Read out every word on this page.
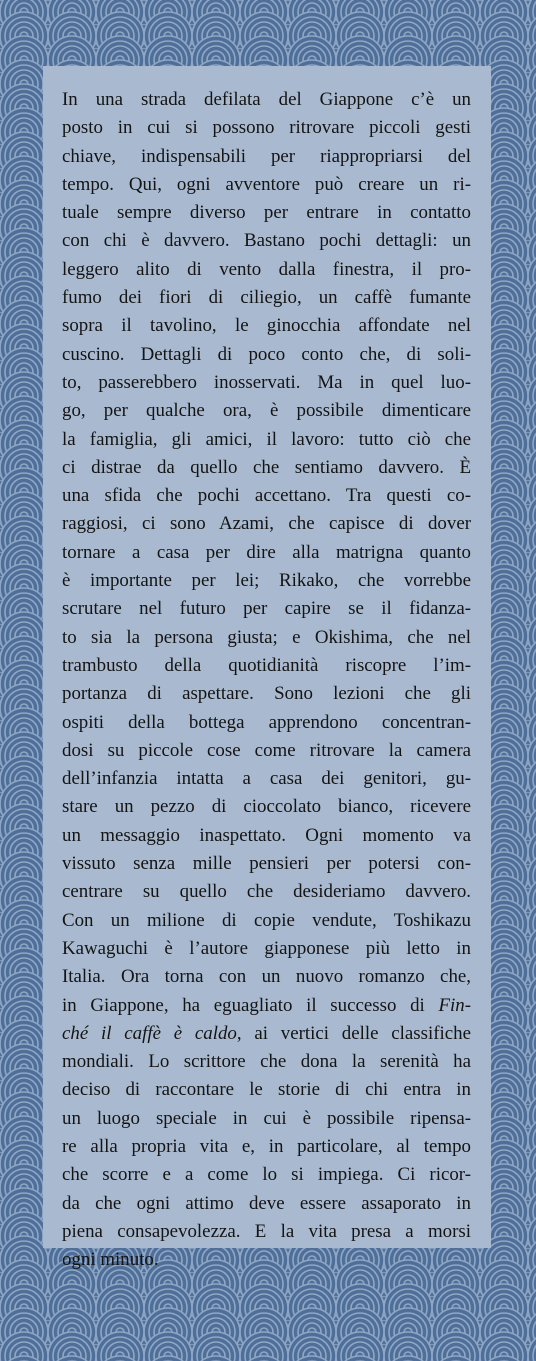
In una strada defilata del Giappone c’è un
posto in cui si possono ritrovare piccoli gesti
chiave, indispensabili per riappropriarsi del
tempo. Qui, ogni avventore può creare un ri-
tuale sempre diverso per entrare in contatto
con chi è davvero. Bastano pochi dettagli: un
leggero alito di vento dalla finestra, il pro-
fumo dei fiori di ciliegio, un caffè fumante
sopra il tavolino, le ginocchia affondate nel
cuscino. Dettagli di poco conto che, di soli-
to, passerebbero inosservati. Ma in quel luo-
go, per qualche ora, è possibile dimenticare
la famiglia, gli amici, il lavoro: tutto ciò che
ci distrae da quello che sentiamo davvero. È
una sfida che pochi accettano. Tra questi co-
raggiosi, ci sono Azami, che capisce di dover
tornare a casa per dire alla matrigna quanto
è importante per lei; Rikako, che vorrebbe
scrutare nel futuro per capire se il fidanza-
to sia la persona giusta; e Okishima, che nel
trambusto della quotidianità riscopre l’im-
portanza di aspettare. Sono lezioni che gli
ospiti della bottega apprendono concentran-
dosi su piccole cose come ritrovare la camera
dell’infanzia intatta a casa dei genitori, gu-
stare un pezzo di cioccolato bianco, ricevere
un messaggio inaspettato. Ogni momento va
vissuto senza mille pensieri per potersi con-
centrare su quello che desideriamo davvero.
Con un milione di copie vendute, Toshikazu
Kawaguchi è l’autore giapponese più letto in
Italia. Ora torna con un nuovo romanzo che,
in Giappone, ha eguagliato il successo di Fin-
ché il caffè è caldo, ai vertici delle classifiche
mondiali. Lo scrittore che dona la serenità ha
deciso di raccontare le storie di chi entra in
un luogo speciale in cui è possibile ripensa-
re alla propria vita e, in particolare, al tempo
che scorre e a come lo si impiega. Ci ricor-
da che ogni attimo deve essere assaporato in
piena consapevolezza. E la vita presa a morsi
ogni minuto.
